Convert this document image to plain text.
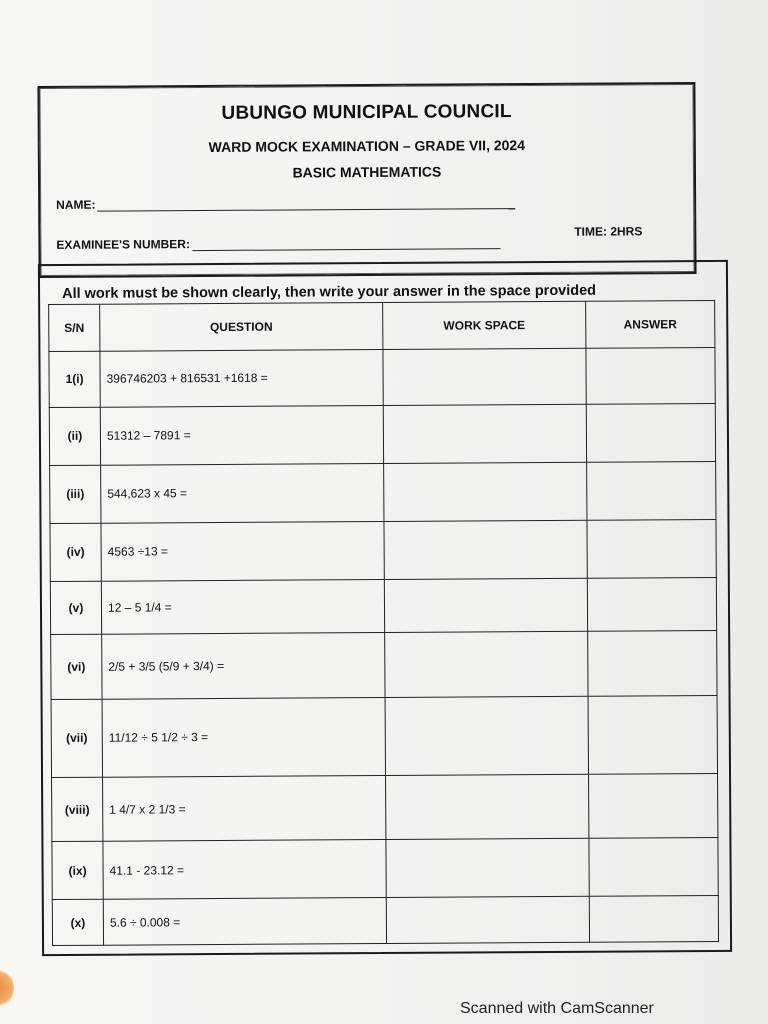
UBUNGO MUNICIPAL COUNCIL
WARD MOCK EXAMINATION – GRADE VII, 2024
BASIC MATHEMATICS
NAME:
EXAMINEE'S NUMBER:
TIME: 2HRS
All work must be shown clearly, then write your answer in the space provided
S/N	QUESTION	WORK SPACE	ANSWER
1(i)	396746203 + 816531 +1618 =		
(ii)	51312 – 7891 =		
(iii)	544,623 x 45 =		
(iv)	4563 ÷13 =		
(v)	12 – 5 1/4 =		
(vi)	2/5 + 3/5 (5/9 + 3/4) =		
(vii)	11/12 ÷ 5 1/2 ÷ 3 =		
(viii)	1 4/7 x 2 1/3 =		
(ix)	41.1 - 23.12 =		
(x)	5.6 ÷ 0.008 =		
Scanned with CamScanner
